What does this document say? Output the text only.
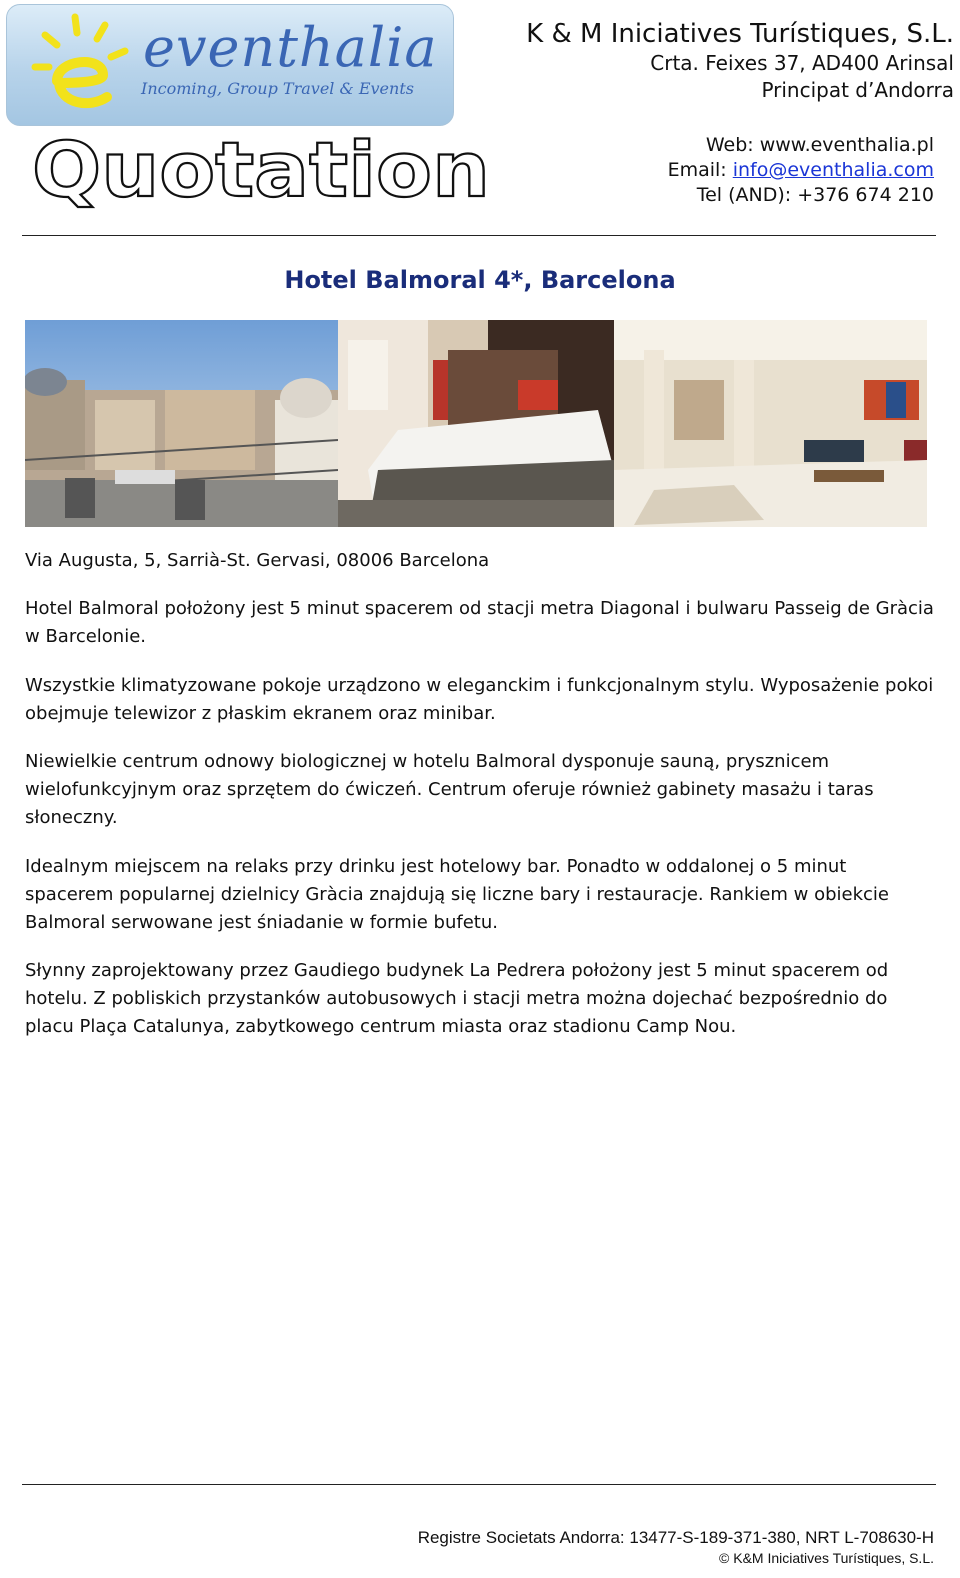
eventhalia
Incoming, Group Travel & Events
Quotation
K & M Iniciatives Turístiques, S.L.
Crta. Feixes 37, AD400 Arinsal
Principat d’Andorra
Web: www.eventhalia.pl
Email: info@eventhalia.com
Tel (AND): +376 674 210
Hotel Balmoral 4*, Barcelona
Via Augusta, 5, Sarrià-St. Gervasi, 08006 Barcelona
Hotel Balmoral położony jest 5 minut spacerem od stacji metra Diagonal i bulwaru Passeig de Gràcia w Barcelonie.
Wszystkie klimatyzowane pokoje urządzono w eleganckim i funkcjonalnym stylu. Wyposażenie pokoi obejmuje telewizor z płaskim ekranem oraz minibar.
Niewielkie centrum odnowy biologicznej w hotelu Balmoral dysponuje sauną, prysznicem wielofunkcyjnym oraz sprzętem do ćwiczeń. Centrum oferuje również gabinety masażu i taras słoneczny.
Idealnym miejscem na relaks przy drinku jest hotelowy bar. Ponadto w oddalonej o 5 minut spacerem popularnej dzielnicy Gràcia znajdują się liczne bary i restauracje. Rankiem w obiekcie Balmoral serwowane jest śniadanie w formie bufetu.
Słynny zaprojektowany przez Gaudiego budynek La Pedrera położony jest 5 minut spacerem od hotelu. Z pobliskich przystanków autobusowych i stacji metra można dojechać bezpośrednio do placu Plaça Catalunya, zabytkowego centrum miasta oraz stadionu Camp Nou.
Registre Societats Andorra: 13477-S-189-371-380, NRT L-708630-H
© K&M Iniciatives Turístiques, S.L.
